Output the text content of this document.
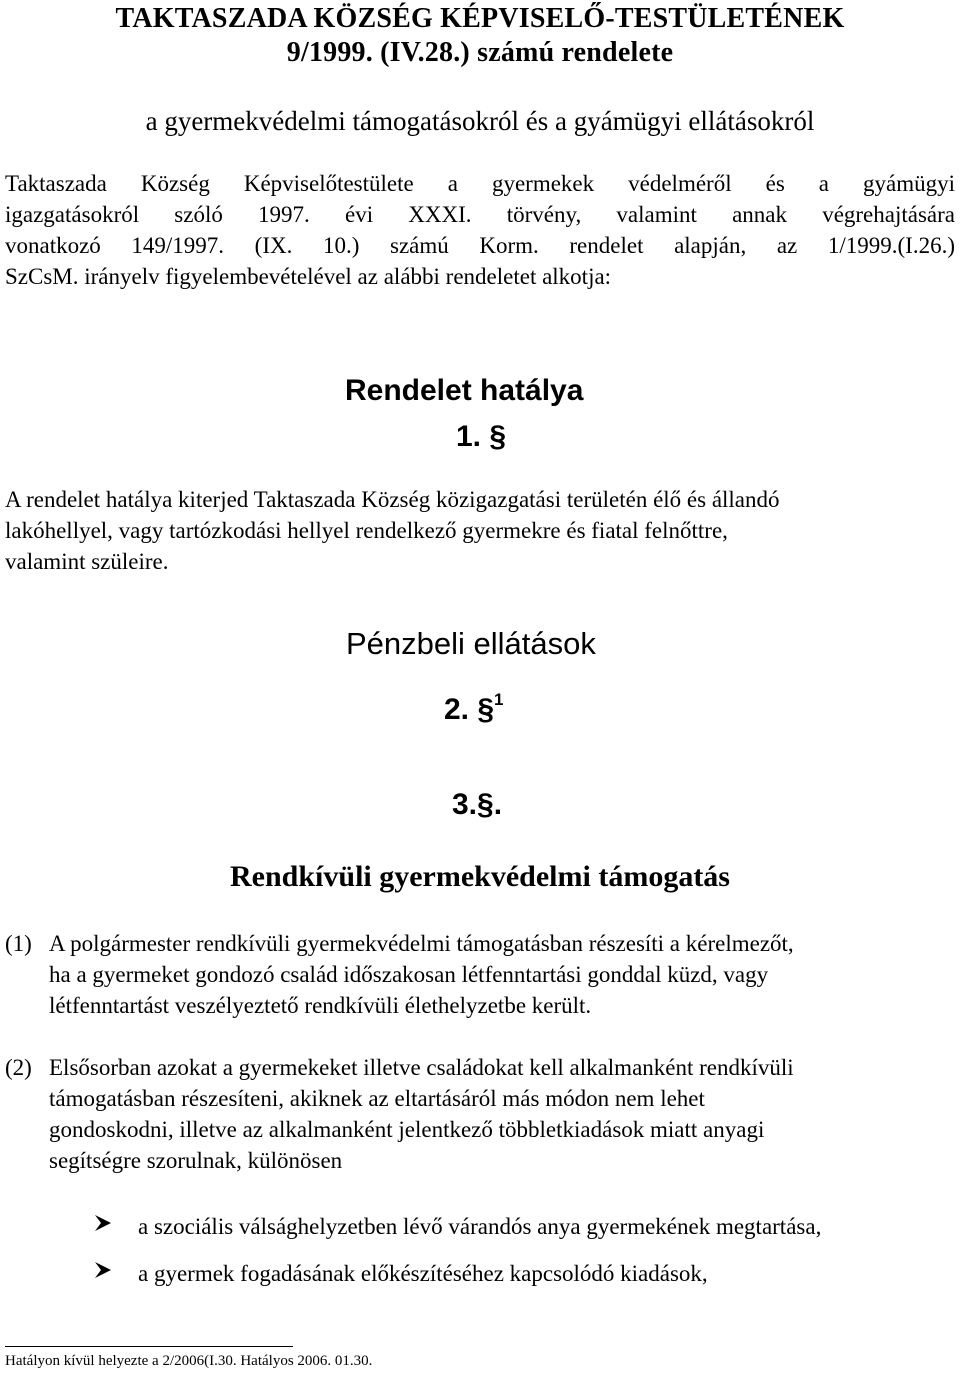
TAKTASZADA KÖZSÉG KÉPVISELŐ-TESTÜLETÉNEK
9/1999. (IV.28.) számú rendelete
a gyermekvédelmi támogatásokról és a gyámügyi ellátásokról
Taktaszada Község Képviselőtestülete a gyermekek védelméről és a gyámügyi
igazgatásokról szóló 1997. évi XXXI. törvény, valamint annak végrehajtására
vonatkozó 149/1997. (IX. 10.) számú Korm. rendelet alapján, az 1/1999.(I.26.)
SzCsM. irányelv figyelembevételével az alábbi rendeletet alkotja:
Rendelet hatálya
1. §
A rendelet hatálya kiterjed Taktaszada Község közigazgatási területén élő és állandó
lakóhellyel, vagy tartózkodási hellyel rendelkező gyermekre és fiatal felnőttre,
valamint szüleire.
Pénzbeli ellátások
2. §$^1$
3.§.
Rendkívüli gyermekvédelmi támogatás
(1) A polgármester rendkívüli gyermekvédelmi támogatásban részesíti a kérelmezőt,
ha a gyermeket gondozó család időszakosan létfenntartási gonddal küzd, vagy
létfenntartást veszélyeztető rendkívüli élethelyzetbe került.
(2) Elsősorban azokat a gyermekeket illetve családokat kell alkalmanként rendkívüli
támogatásban részesíteni, akiknek az eltartásáról más módon nem lehet
gondoskodni, illetve az alkalmanként jelentkező többletkiadások miatt anyagi
segítségre szorulnak, különösen
a szociális válsághelyzetben lévő várandós anya gyermekének megtartása,
a gyermek fogadásának előkészítéséhez kapcsolódó kiadások,
Hatályon kívül helyezte a 2/2006(I.30. Hatályos 2006. 01.30.
